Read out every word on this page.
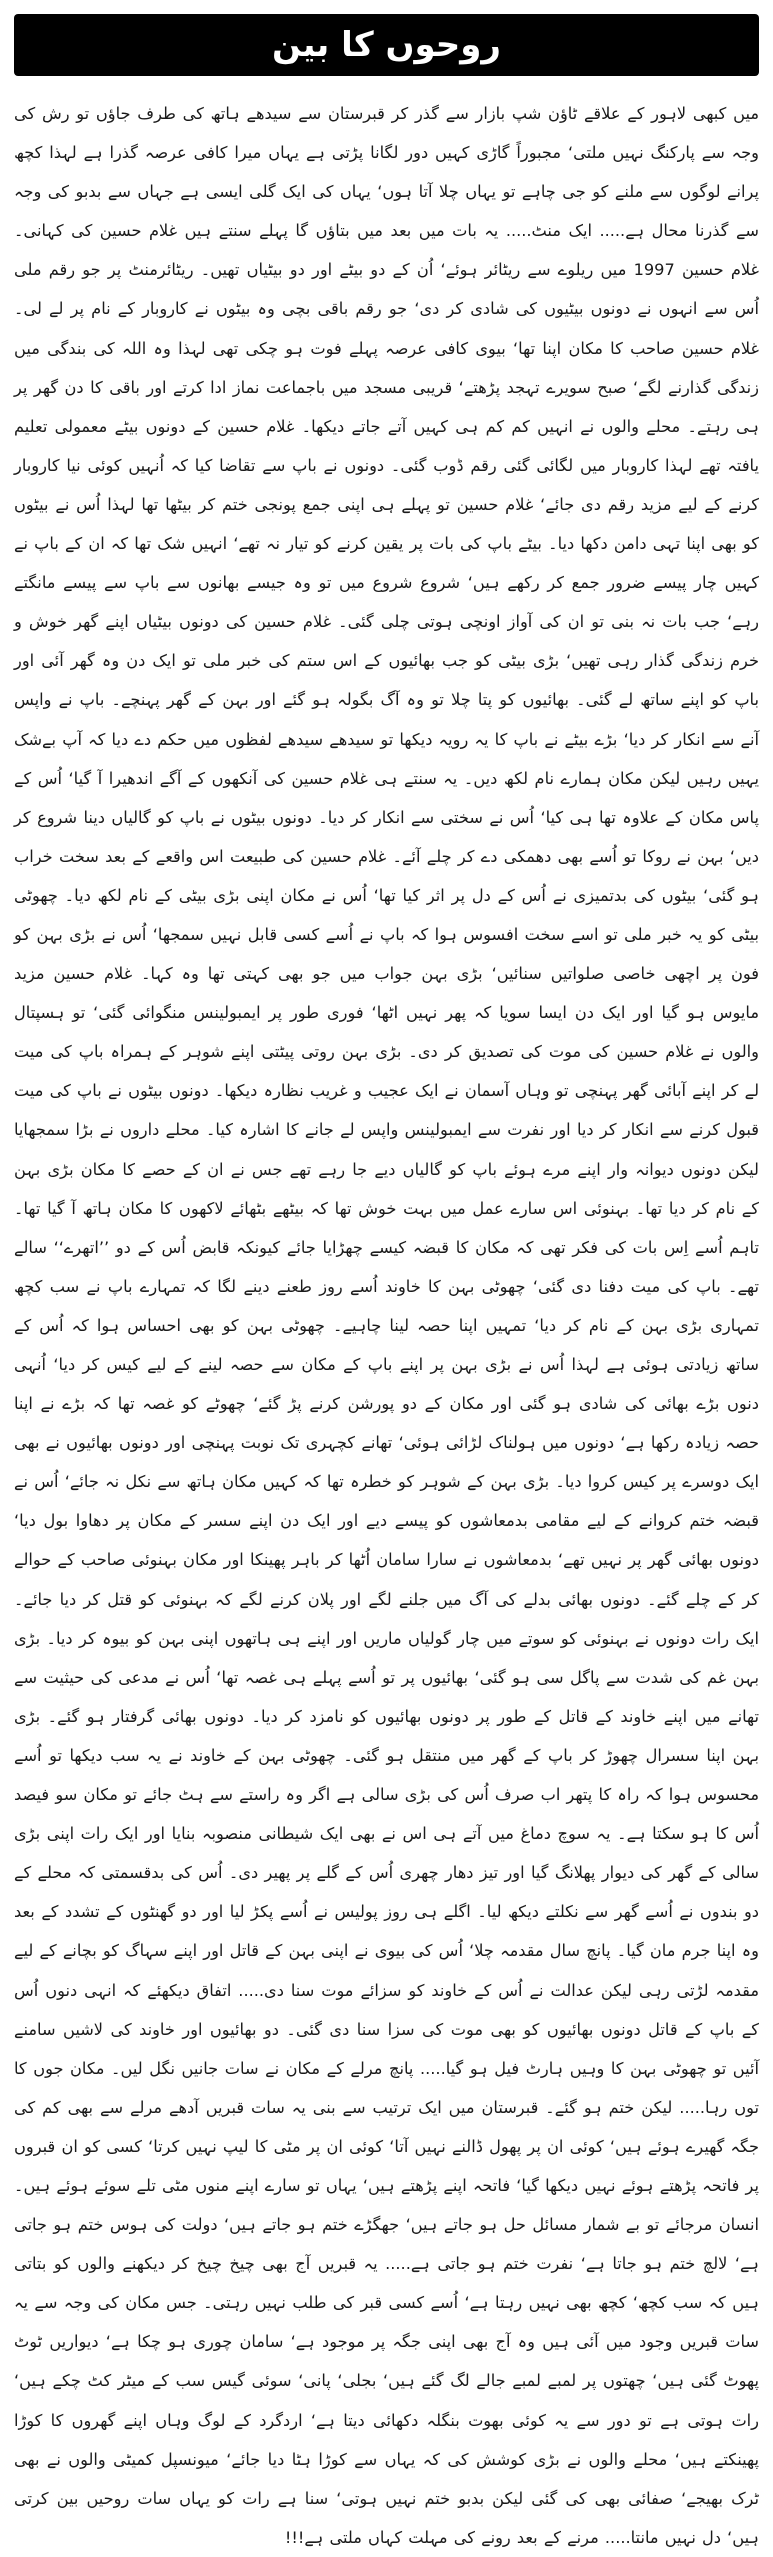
روحوں کا بین

میں کبھی لاہور کے علاقے ٹاؤن شپ بازار سے گذر کر قبرستان سے سیدھے ہاتھ کی طرف جاؤں تو رش کی وجہ سے پارکنگ نہیں ملتی‘ مجبوراً گاڑی کہیں دور لگانا پڑتی ہے یہاں میرا کافی عرصہ گذرا ہے لہذا کچھ پرانے لوگوں سے ملنے کو جی چاہے تو یہاں چلا آتا ہوں‘ یہاں کی ایک گلی ایسی ہے جہاں سے بدبو کی وجہ سے گذرنا محال ہے..... ایک منٹ..... یہ بات میں بعد میں بتاؤں گا پہلے سنتے ہیں غلام حسین کی کہانی۔ غلام حسین 1997 میں ریلوے سے ریٹائر ہوئے‘ اُن کے دو بیٹے اور دو بیٹیاں تھیں۔ ریٹائرمنٹ پر جو رقم ملی اُس سے انہوں نے دونوں بیٹیوں کی شادی کر دی‘ جو رقم باقی بچی وہ بیٹوں نے کاروبار کے نام پر لے لی۔ غلام حسین صاحب کا مکان اپنا تھا‘ بیوی کافی عرصہ پہلے فوت ہو چکی تھی لہذا وہ اللہ کی بندگی میں زندگی گذارنے لگے‘ صبح سویرے تہجد پڑھتے‘ قریبی مسجد میں باجماعت نماز ادا کرتے اور باقی کا دن گھر پر ہی رہتے۔ محلے والوں نے انہیں کم کم ہی کہیں آتے جاتے دیکھا۔ غلام حسین کے دونوں بیٹے معمولی تعلیم یافتہ تھے لہذا کاروبار میں لگائی گئی رقم ڈوب گئی۔ دونوں نے باپ سے تقاضا کیا کہ اُنہیں کوئی نیا کاروبار کرنے کے لیے مزید رقم دی جائے‘ غلام حسین تو پہلے ہی اپنی جمع پونجی ختم کر بیٹھا تھا لہذا اُس نے بیٹوں کو بھی اپنا تہی دامن دکھا دیا۔ بیٹے باپ کی بات پر یقین کرنے کو تیار نہ تھے‘ انہیں شک تھا کہ ان کے باپ نے کہیں چار پیسے ضرور جمع کر رکھے ہیں‘ شروع شروع میں تو وہ جیسے بھانوں سے باپ سے پیسے مانگتے رہے‘ جب بات نہ بنی تو ان کی آواز اونچی ہوتی چلی گئی۔ غلام حسین کی دونوں بیٹیاں اپنے گھر خوش و خرم زندگی گذار رہی تھیں‘ بڑی بیٹی کو جب بھائیوں کے اس ستم کی خبر ملی تو ایک دن وہ گھر آئی اور باپ کو اپنے ساتھ لے گئی۔ بھائیوں کو پتا چلا تو وہ آگ بگولہ ہو گئے اور بہن کے گھر پہنچے۔ باپ نے واپس آنے سے انکار کر دیا‘ بڑے بیٹے نے باپ کا یہ رویہ دیکھا تو سیدھے سیدھے لفظوں میں حکم دے دیا کہ آپ بےشک یہیں رہیں لیکن مکان ہمارے نام لکھ دیں۔ یہ سنتے ہی غلام حسین کی آنکھوں کے آگے اندھیرا آ گیا‘ اُس کے پاس مکان کے علاوہ تھا ہی کیا‘ اُس نے سختی سے انکار کر دیا۔ دونوں بیٹوں نے باپ کو گالیاں دینا شروع کر دیں‘ بہن نے روکا تو اُسے بھی دھمکی دے کر چلے آئے۔ غلام حسین کی طبیعت اس واقعے کے بعد سخت خراب ہو گئی‘ بیٹوں کی بدتمیزی نے اُس کے دل پر اثر کیا تھا‘ اُس نے مکان اپنی بڑی بیٹی کے نام لکھ دیا۔ چھوٹی بیٹی کو یہ خبر ملی تو اسے سخت افسوس ہوا کہ باپ نے اُسے کسی قابل نہیں سمجھا‘ اُس نے بڑی بہن کو فون پر اچھی خاصی صلواتیں سنائیں‘ بڑی بہن جواب میں جو بھی کہتی تھا وہ کہا۔ غلام حسین مزید مایوس ہو گیا اور ایک دن ایسا سویا کہ پھر نہیں اٹھا‘ فوری طور پر ایمبولینس منگوائی گئی‘ تو ہسپتال والوں نے غلام حسین کی موت کی تصدیق کر دی۔ بڑی بہن روتی پیٹتی اپنے شوہر کے ہمراہ باپ کی میت لے کر اپنے آبائی گھر پہنچی تو وہاں آسمان نے ایک عجیب و غریب نظارہ دیکھا۔ دونوں بیٹوں نے باپ کی میت قبول کرنے سے انکار کر دیا اور نفرت سے ایمبولینس واپس لے جانے کا اشارہ کیا۔ محلے داروں نے بڑا سمجھایا لیکن دونوں دیوانہ وار اپنے مرے ہوئے باپ کو گالیاں دیے جا رہے تھے جس نے ان کے حصے کا مکان بڑی بہن کے نام کر دیا تھا۔ بہنوئی اس سارے عمل میں بہت خوش تھا کہ بیٹھے بٹھائے لاکھوں کا مکان ہاتھ آ گیا تھا۔ تاہم اُسے اِس بات کی فکر تھی کہ مکان کا قبضہ کیسے چھڑایا جائے کیونکہ قابض اُس کے دو ’’اتھرے‘‘ سالے تھے۔ باپ کی میت دفنا دی گئی‘ چھوٹی بہن کا خاوند اُسے روز طعنے دینے لگا کہ تمہارے باپ نے سب کچھ تمہاری بڑی بہن کے نام کر دیا‘ تمہیں اپنا حصہ لینا چاہیے۔ چھوٹی بہن کو بھی احساس ہوا کہ اُس کے ساتھ زیادتی ہوئی ہے لہذا اُس نے بڑی بہن پر اپنے باپ کے مکان سے حصہ لینے کے لیے کیس کر دیا‘ اُنہی دنوں بڑے بھائی کی شادی ہو گئی اور مکان کے دو پورشن کرنے پڑ گئے‘ چھوٹے کو غصہ تھا کہ بڑے نے اپنا حصہ زیادہ رکھا ہے‘ دونوں میں ہولناک لڑائی ہوئی‘ تھانے کچہری تک نوبت پہنچی اور دونوں بھائیوں نے بھی ایک دوسرے پر کیس کروا دیا۔ بڑی بہن کے شوہر کو خطرہ تھا کہ کہیں مکان ہاتھ سے نکل نہ جائے‘ اُس نے قبضہ ختم کروانے کے لیے مقامی بدمعاشوں کو پیسے دیے اور ایک دن اپنے سسر کے مکان پر دھاوا بول دیا‘ دونوں بھائی گھر پر نہیں تھے‘ بدمعاشوں نے سارا سامان اُٹھا کر باہر پھینکا اور مکان بہنوئی صاحب کے حوالے کر کے چلے گئے۔ دونوں بھائی بدلے کی آگ میں جلنے لگے اور پلان کرنے لگے کہ بہنوئی کو قتل کر دیا جائے۔ ایک رات دونوں نے بہنوئی کو سوتے میں چار گولیاں ماریں اور اپنے ہی ہاتھوں اپنی بہن کو بیوہ کر دیا۔ بڑی بہن غم کی شدت سے پاگل سی ہو گئی‘ بھائیوں پر تو اُسے پہلے ہی غصہ تھا‘ اُس نے مدعی کی حیثیت سے تھانے میں اپنے خاوند کے قاتل کے طور پر دونوں بھائیوں کو نامزد کر دیا۔ دونوں بھائی گرفتار ہو گئے۔ بڑی بہن اپنا سسرال چھوڑ کر باپ کے گھر میں منتقل ہو گئی۔ چھوٹی بہن کے خاوند نے یہ سب دیکھا تو اُسے محسوس ہوا کہ راہ کا پتھر اب صرف اُس کی بڑی سالی ہے اگر وہ راستے سے ہٹ جائے تو مکان سو فیصد اُس کا ہو سکتا ہے۔ یہ سوچ دماغ میں آتے ہی اس نے بھی ایک شیطانی منصوبہ بنایا اور ایک رات اپنی بڑی سالی کے گھر کی دیوار پھلانگ گیا اور تیز دھار چھری اُس کے گلے پر پھیر دی۔ اُس کی بدقسمتی کہ محلے کے دو بندوں نے اُسے گھر سے نکلتے دیکھ لیا۔ اگلے ہی روز پولیس نے اُسے پکڑ لیا اور دو گھنٹوں کے تشدد کے بعد وہ اپنا جرم مان گیا۔ پانچ سال مقدمہ چلا‘ اُس کی بیوی نے اپنی بہن کے قاتل اور اپنے سہاگ کو بچانے کے لیے مقدمہ لڑتی رہی لیکن عدالت نے اُس کے خاوند کو سزائے موت سنا دی..... اتفاق دیکھئے کہ انہی دنوں اُس کے باپ کے قاتل دونوں بھائیوں کو بھی موت کی سزا سنا دی گئی۔ دو بھائیوں اور خاوند کی لاشیں سامنے آئیں تو چھوٹی بہن کا وہیں ہارٹ فیل ہو گیا..... پانچ مرلے کے مکان نے سات جانیں نگل لیں۔ مکان جوں کا توں رہا..... لیکن ختم ہو گئے۔ قبرستان میں ایک ترتیب سے بنی یہ سات قبریں آدھے مرلے سے بھی کم کی جگہ گھیرے ہوئے ہیں‘ کوئی ان پر پھول ڈالنے نہیں آتا‘ کوئی ان پر مٹی کا لیپ نہیں کرتا‘ کسی کو ان قبروں پر فاتحہ پڑھتے ہوئے نہیں دیکھا گیا‘ فاتحہ اپنے پڑھتے ہیں‘ یہاں تو سارے اپنے منوں مٹی تلے سوئے ہوئے ہیں۔ انسان مرجائے تو بے شمار مسائل حل ہو جاتے ہیں‘ جھگڑے ختم ہو جاتے ہیں‘ دولت کی ہوس ختم ہو جاتی ہے‘ لالچ ختم ہو جاتا ہے‘ نفرت ختم ہو جاتی ہے..... یہ قبریں آج بھی چیخ چیخ کر دیکھنے والوں کو بتاتی ہیں کہ سب کچھ‘ کچھ بھی نہیں رہتا ہے‘ اُسے کسی قبر کی طلب نہیں رہتی۔ جس مکان کی وجہ سے یہ سات قبریں وجود میں آئی ہیں وہ آج بھی اپنی جگہ پر موجود ہے‘ سامان چوری ہو چکا ہے‘ دیواریں ٹوٹ پھوٹ گئی ہیں‘ چھتوں پر لمبے لمبے جالے لگ گئے ہیں‘ بجلی‘ پانی‘ سوئی گیس سب کے میٹر کٹ چکے ہیں‘ رات ہوتی ہے تو دور سے یہ کوئی بھوت بنگلہ دکھائی دیتا ہے‘ اردگرد کے لوگ وہاں اپنے گھروں کا کوڑا پھینکتے ہیں‘ محلے والوں نے بڑی کوشش کی کہ یہاں سے کوڑا ہٹا دیا جائے‘ میونسپل کمیٹی والوں نے بھی ٹرک بھیجے‘ صفائی بھی کی گئی لیکن بدبو ختم نہیں ہوتی‘ سنا ہے رات کو یہاں سات روحیں بین کرتی ہیں‘ دل نہیں مانتا..... مرنے کے بعد رونے کی مہلت کہاں ملتی ہے!!!
